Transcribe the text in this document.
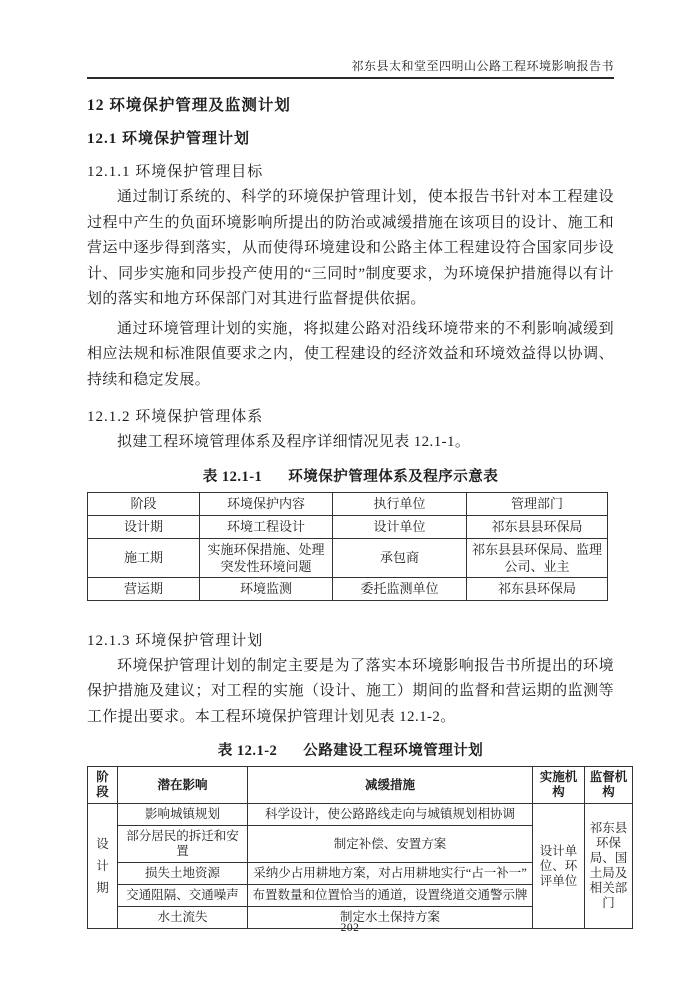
祁东县太和堂至四明山公路工程环境影响报告书
12 环境保护管理及监测计划
12.1 环境保护管理计划
12.1.1 环境保护管理目标

通过制订系统的、科学的环境保护管理计划，使本报告书针对本工程建设过程中产生的负面环境影响所提出的防治或减缓措施在该项目的设计、施工和营运中逐步得到落实，从而使得环境建设和公路主体工程建设符合国家同步设计、同步实施和同步投产使用的“三同时”制度要求，为环境保护措施得以有计划的落实和地方环保部门对其进行监督提供依据。

通过环境管理计划的实施，将拟建公路对沿线环境带来的不利影响减缓到相应法规和标准限值要求之内，使工程建设的经济效益和环境效益得以协调、持续和稳定发展。

12.1.2 环境保护管理体系

拟建工程环境管理体系及程序详细情况见表 12.1-1。

表 12.1-1 环境保护管理体系及程序示意表
阶段	环境保护内容	执行单位	管理部门
设计期	环境工程设计	设计单位	祁东县县环保局
施工期	实施环保措施、处理突发性环境问题	承包商	祁东县县环保局、监理公司、业主
营运期	环境监测	委托监测单位	祁东县环保局
12.1.3 环境保护管理计划

环境保护管理计划的制定主要是为了落实本环境影响报告书所提出的环境保护措施及建议；对工程的实施（设计、施工）期间的监督和营运期的监测等工作提出要求。本工程环境保护管理计划见表 12.1-2。

表 12.1-2 公路建设工程环境管理计划
阶段	潜在影响	减缓措施	实施机构	监督机构

设计期	影响城镇规划	科学设计，使公路路线走向与城镇规划相协调	设计单位、环评单位	祁东县环保局、国土局及相关部门
	部分居民的拆迁和安置	制定补偿、安置方案		
	损失土地资源	采纳少占用耕地方案，对占用耕地实行“占一补一”		
	交通阻隔、交通噪声	布置数量和位置恰当的通道，设置绕道交通警示牌		
	水土流失	制定水土保持方案		
202
